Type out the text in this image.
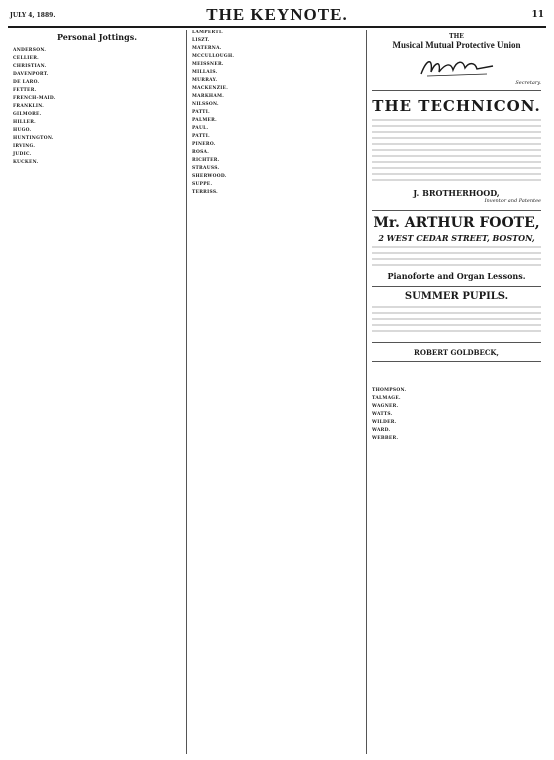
JULY 4, 1889.	THE KEYNOTE.	11
Personal Jottings.
ANDERSON.
CELLIER.
CHRISTIAN.
DAVENPORT.
DE LARO.
FETTER.
FRENCH-MAID.
FRANKLIN.
GILMORE.
HILLER.
HUGO.
HUNTINGTON.
IRVING.
JUDIC.
KUCKEN.
LAMPERTI.
LISZT.
MATERNA.
MCCULLOUGH.
MEISSNER.
MILLAIS.
MURRAY.
MACKENZIE.
MARKHAM.
NILSSON.
PATTI.
PALMER.
PAUL.
PATTI.
PINERO.
ROSA.
RICHTER.
STRAUSS.
SHERWOOD.
SUPPE.
TERRISS.
THE
Musical Mutual Protective Union
Secretary.
THE TECHNICON.
J. BROTHERHOOD,
Inventor and Patentee
Mr. ARTHUR FOOTE,
2 WEST CEDAR STREET, BOSTON,
Pianoforte and Organ Lessons.
SUMMER PUPILS.
ROBERT GOLDBECK,
THOMPSON.
TALMAGE.
WAGNER.
WATTS.
WILDER.
WARD.
WEBBER.
